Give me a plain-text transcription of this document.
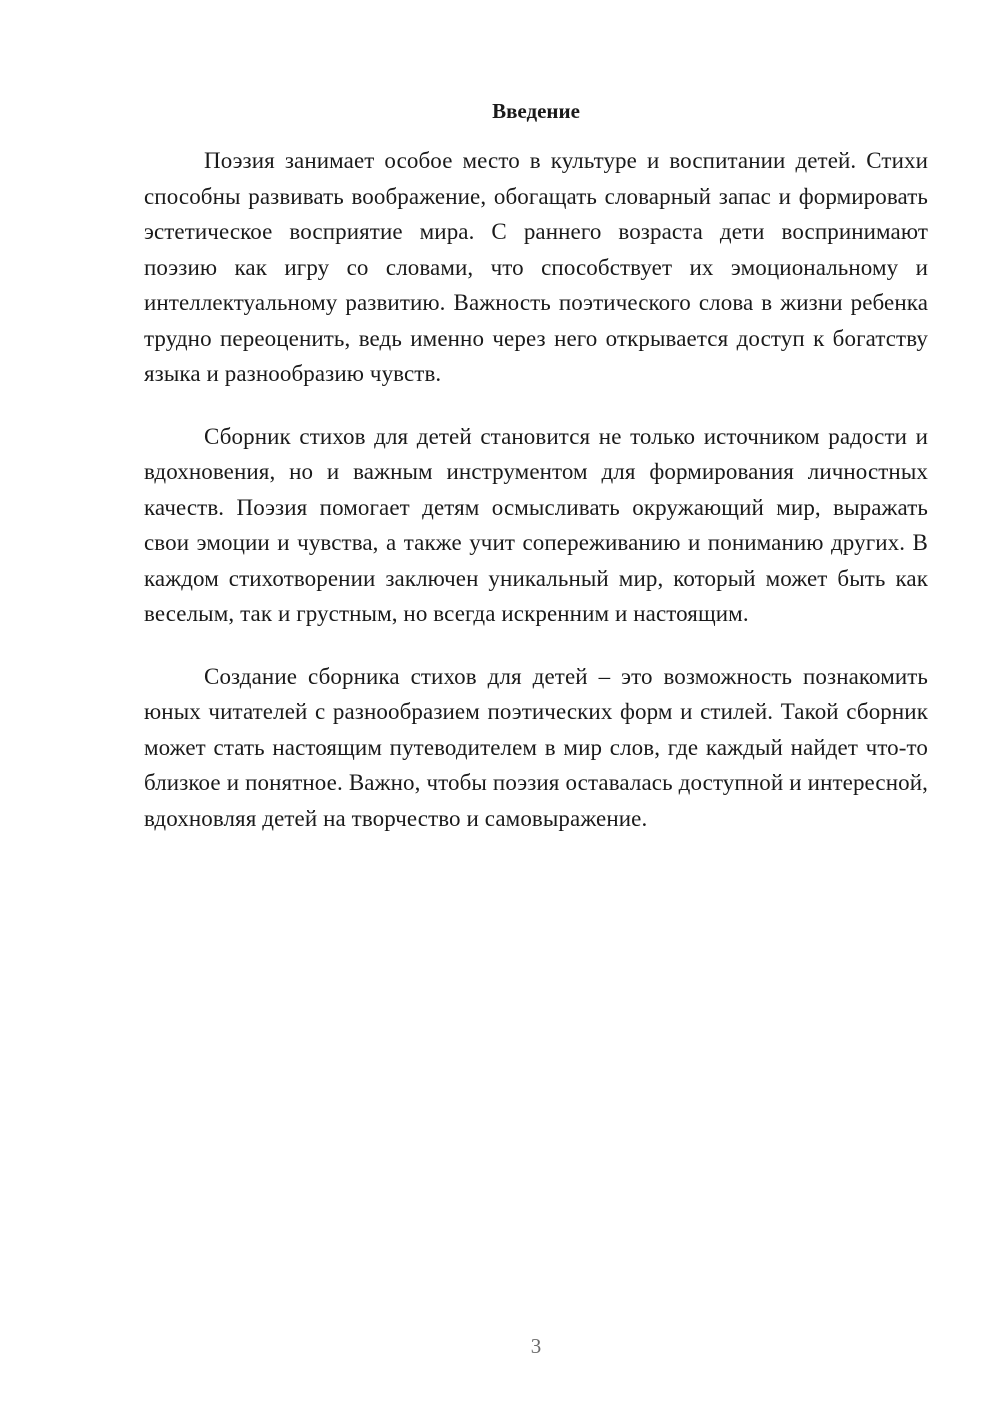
Введение

Поэзия занимает особое место в культуре и воспитании детей. Стихи способны развивать воображение, обогащать словарный запас и формировать эстетическое восприятие мира. С раннего возраста дети воспринимают поэзию как игру со словами, что способствует их эмоциональному и интеллектуальному развитию. Важность поэтического слова в жизни ребенка трудно переоценить, ведь именно через него открывается доступ к богатству языка и разнообразию чувств.

Сборник стихов для детей становится не только источником радости и вдохновения, но и важным инструментом для формирования личностных качеств. Поэзия помогает детям осмысливать окружающий мир, выражать свои эмоции и чувства, а также учит сопереживанию и пониманию других. В каждом стихотворении заключен уникальный мир, который может быть как веселым, так и грустным, но всегда искренним и настоящим.

Создание сборника стихов для детей – это возможность познакомить юных читателей с разнообразием поэтических форм и стилей. Такой сборник может стать настоящим путеводителем в мир слов, где каждый найдет что-то близкое и понятное. Важно, чтобы поэзия оставалась доступной и интересной, вдохновляя детей на творчество и самовыражение.

3
